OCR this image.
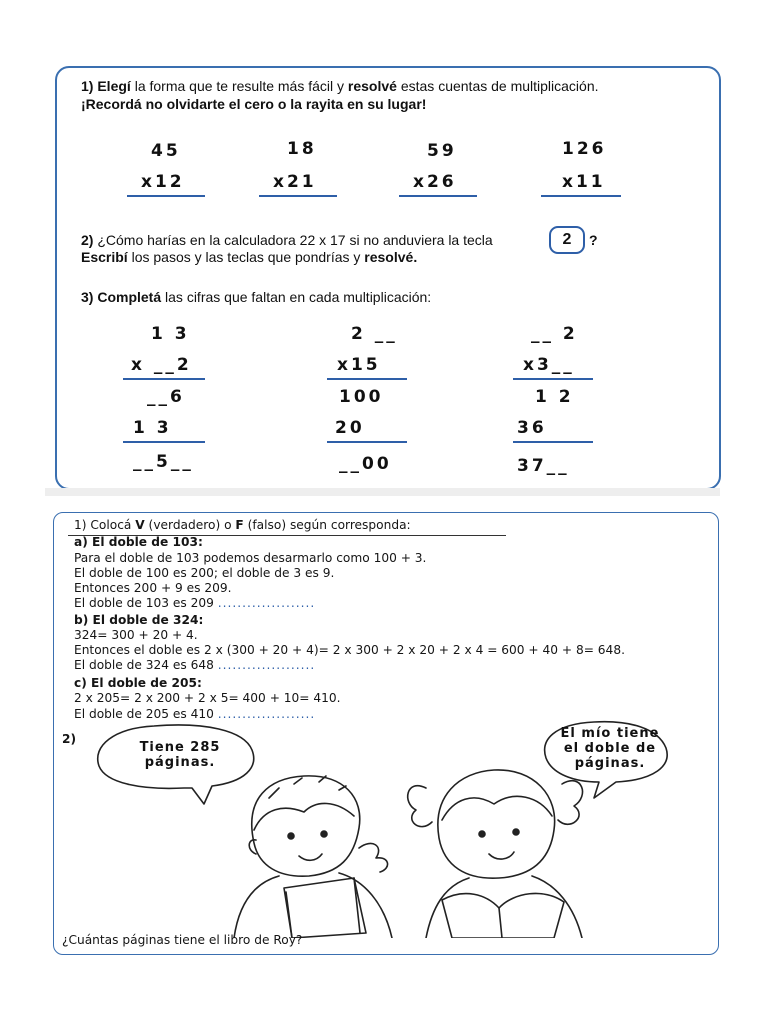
1) Elegí la forma que te resulte más fácil y resolvé estas cuentas de multiplicación.
¡Recordá no olvidarte el cero o la rayita en su lugar!
45
x12
18
x21
59
x26
126
x11
2) ¿Cómo harías en la calculadora 22 x 17 si no anduviera la tecla	2	?
Escribí los pasos y las teclas que pondrías y resolvé.
3) Completá las cifras que faltan en cada multiplicación:
1 3
x __2
__6
1 3
__5__
2 __
x15
100
20
__00
__ 2
x3__
1 2
36
37__
1) Colocá V (verdadero) o F (falso) según corresponda:
a) El doble de 103:
Para el doble de 103 podemos desarmarlo como 100 + 3.
El doble de 100 es 200; el doble de 3 es 9.
Entonces 200 + 9 es 209.
El doble de 103 es 209 ....................
b) El doble de 324:
324= 300 + 20 + 4.
Entonces el doble es 2 x (300 + 20 + 4)= 2 x 300 + 2 x 20 + 2 x 4 = 600 + 40 + 8= 648.
El doble de 324 es 648 ....................
c) El doble de 205:
2 x 205= 2 x 200 + 2 x 5= 400 + 10= 410.
El doble de 205 es 410 ....................
2)
Tiene 285
páginas.
El mío tiene
el doble de
páginas.
¿Cuántas páginas tiene el libro de Roy?
